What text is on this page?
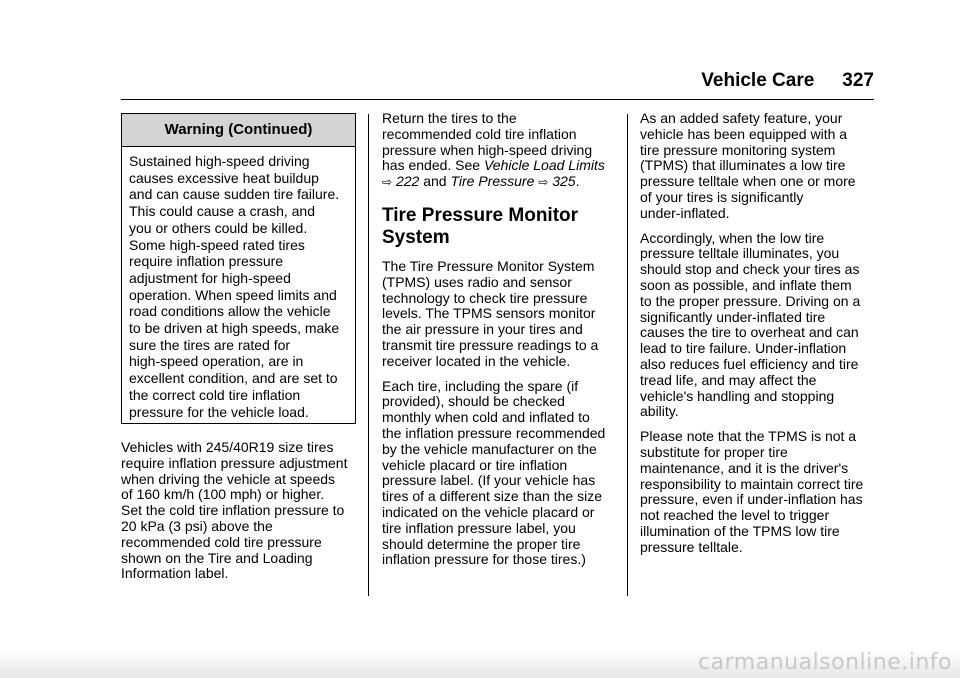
Vehicle Care 327
Warning (Continued)

Sustained high-speed driving

causes excessive heat buildup

and can cause sudden tire failure.

This could cause a crash, and

you or others could be killed.

Some high-speed rated tires

require inflation pressure

adjustment for high-speed

operation. When speed limits and

road conditions allow the vehicle

to be driven at high speeds, make

sure the tires are rated for

high-speed operation, are in

excellent condition, and are set to

the correct cold tire inflation

pressure for the vehicle load.

Vehicles with 245/40R19 size tires
require inflation pressure adjustment
when driving the vehicle at speeds
of 160 km/h (100 mph) or higher.
Set the cold tire inflation pressure to
20 kPa (3 psi) above the
recommended cold tire pressure
shown on the Tire and Loading
Information label.
Return the tires to the
recommended cold tire inflation
pressure when high-speed driving
has ended. See Vehicle Load Limits
⇨ 222 and Tire Pressure ⇨ 325.
Tire Pressure Monitor
System
The Tire Pressure Monitor System
(TPMS) uses radio and sensor
technology to check tire pressure
levels. The TPMS sensors monitor
the air pressure in your tires and
transmit tire pressure readings to a
receiver located in the vehicle.
Each tire, including the spare (if
provided), should be checked
monthly when cold and inflated to
the inflation pressure recommended
by the vehicle manufacturer on the
vehicle placard or tire inflation
pressure label. (If your vehicle has
tires of a different size than the size
indicated on the vehicle placard or
tire inflation pressure label, you
should determine the proper tire
inflation pressure for those tires.)
As an added safety feature, your
vehicle has been equipped with a
tire pressure monitoring system
(TPMS) that illuminates a low tire
pressure telltale when one or more
of your tires is significantly
under-inflated.
Accordingly, when the low tire
pressure telltale illuminates, you
should stop and check your tires as
soon as possible, and inflate them
to the proper pressure. Driving on a
significantly under-inflated tire
causes the tire to overheat and can
lead to tire failure. Under-inflation
also reduces fuel efficiency and tire
tread life, and may affect the
vehicle's handling and stopping
ability.
Please note that the TPMS is not a
substitute for proper tire
maintenance, and it is the driver's
responsibility to maintain correct tire
pressure, even if under-inflation has
not reached the level to trigger
illumination of the TPMS low tire
pressure telltale.
carmanualsonline.info
